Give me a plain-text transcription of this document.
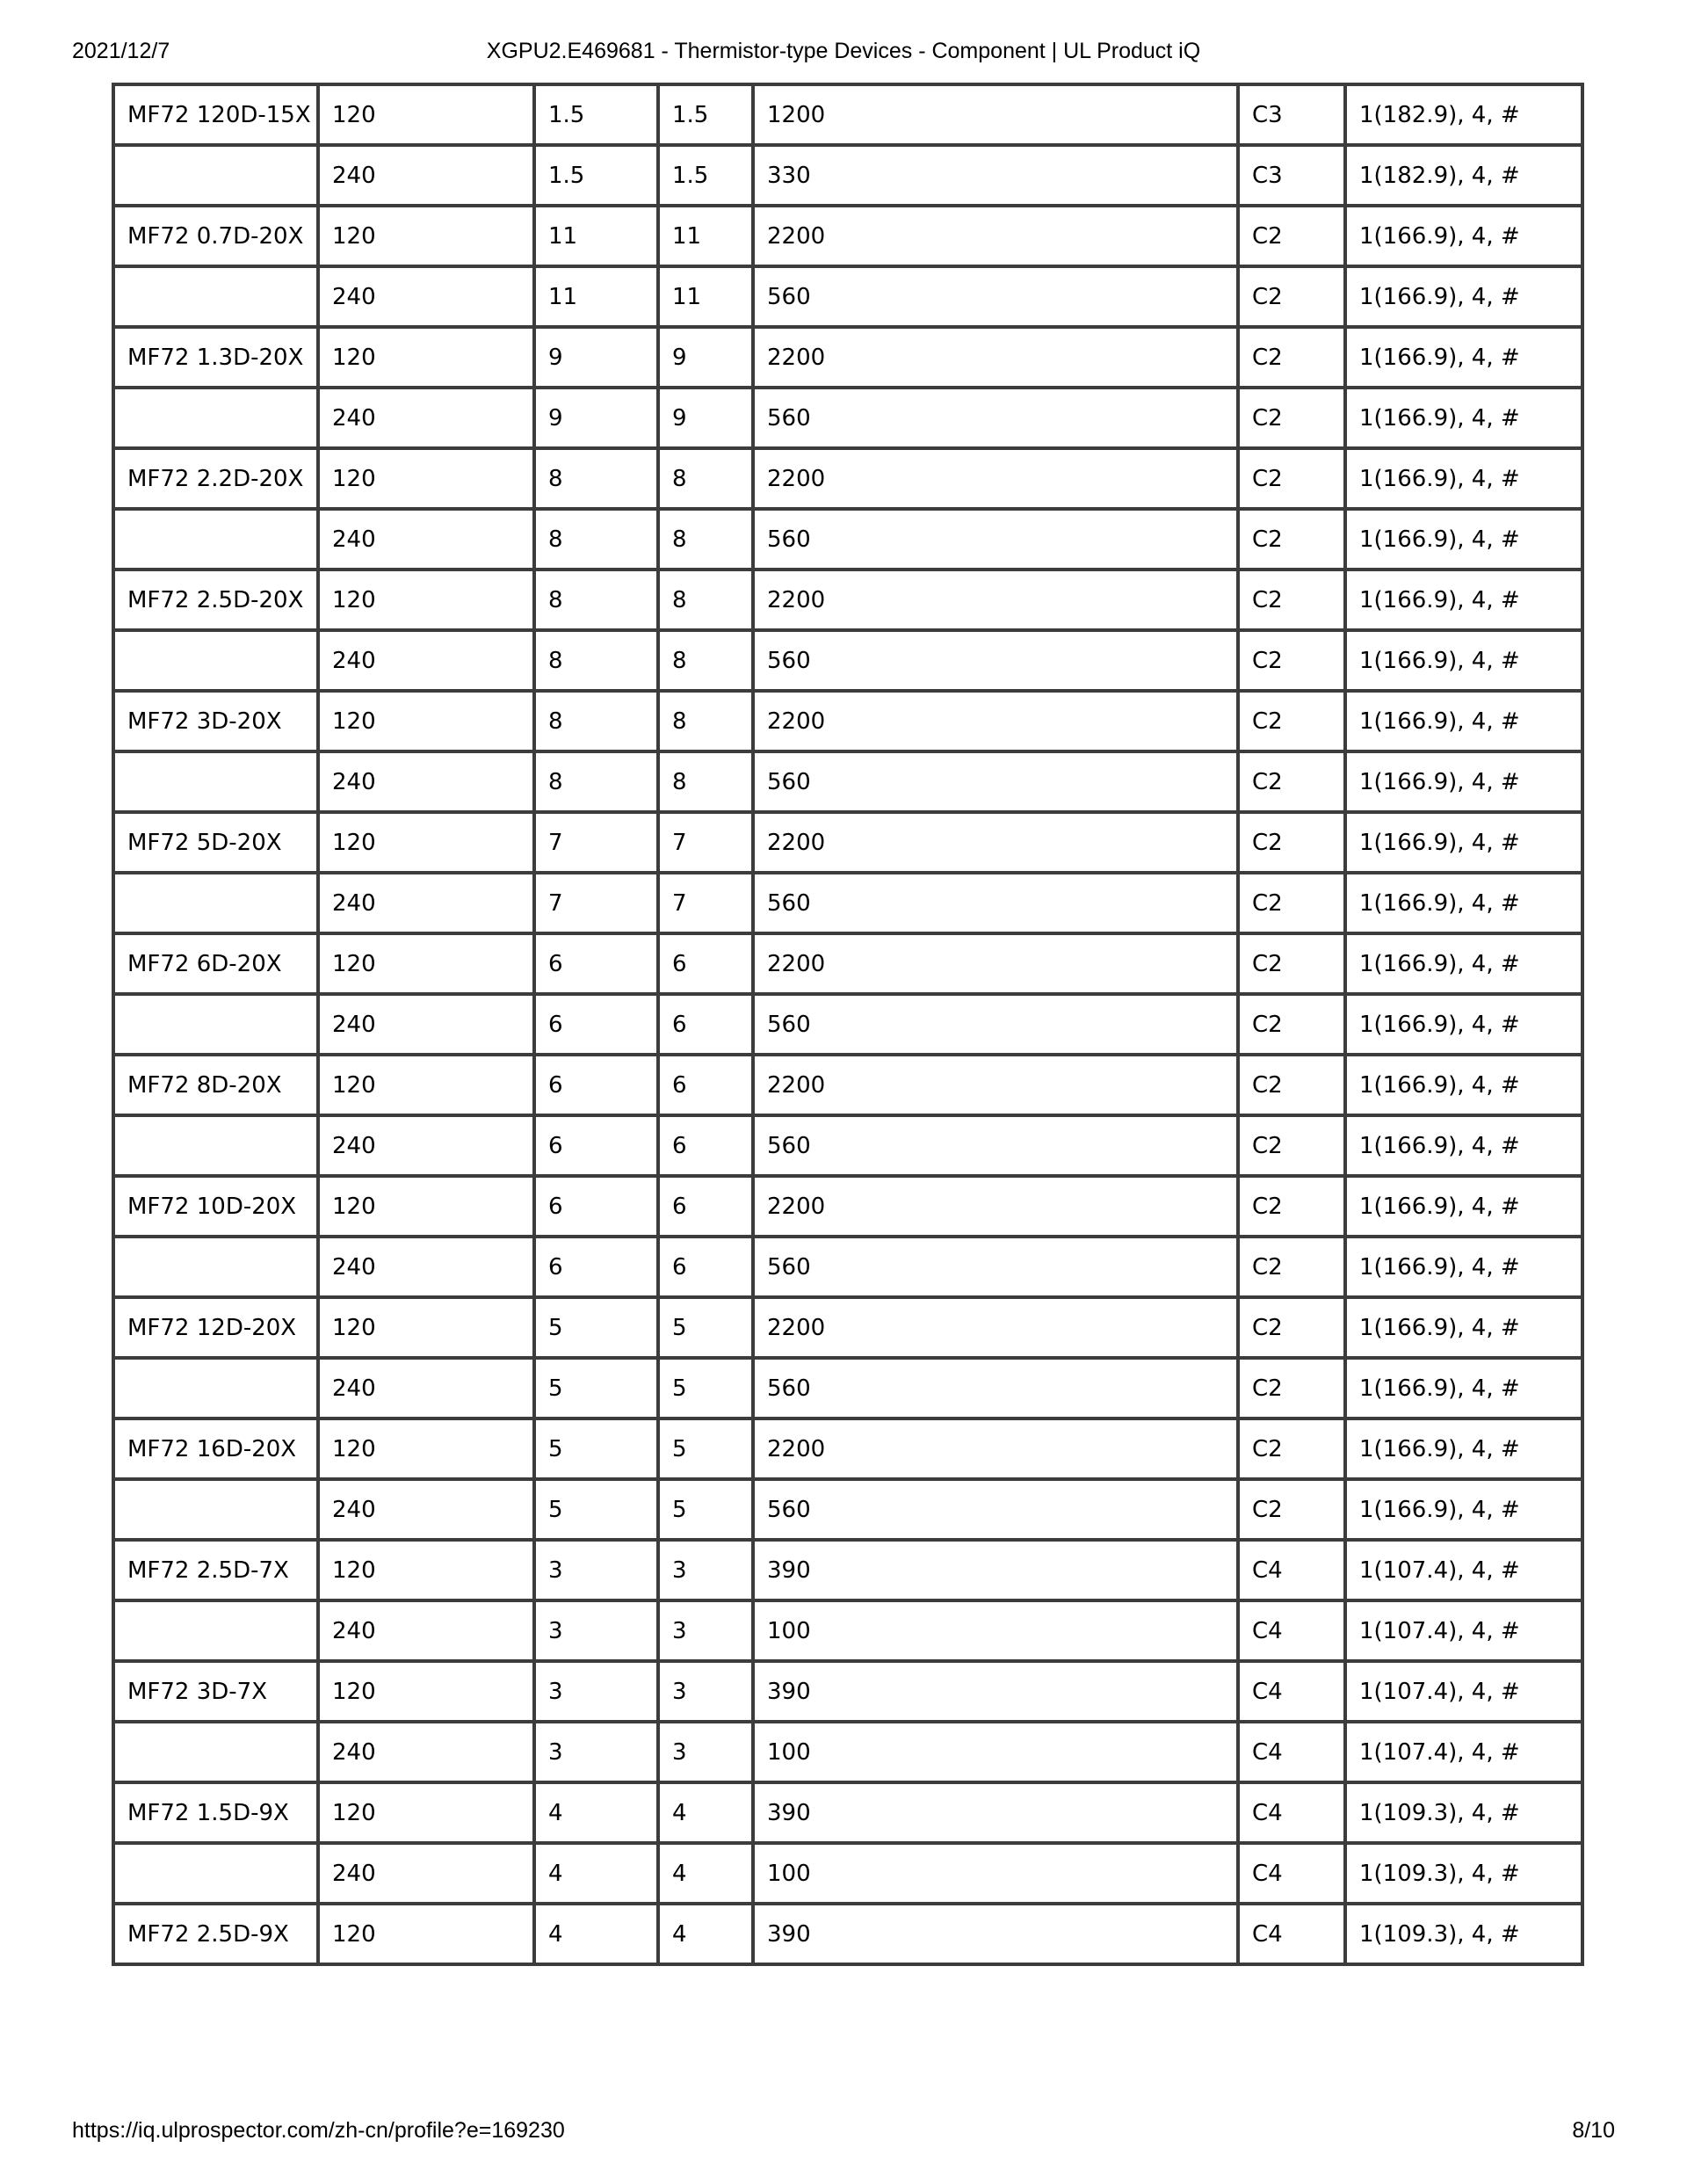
2021/12/7	XGPU2.E469681 - Thermistor-type Devices - Component | UL Product iQ
MF72 120D-15X	120	1.5	1.5	1200	C3	1(182.9), 4, #
	240	1.5	1.5	330	C3	1(182.9), 4, #
MF72 0.7D-20X	120	11	11	2200	C2	1(166.9), 4, #
	240	11	11	560	C2	1(166.9), 4, #
MF72 1.3D-20X	120	9	9	2200	C2	1(166.9), 4, #
	240	9	9	560	C2	1(166.9), 4, #
MF72 2.2D-20X	120	8	8	2200	C2	1(166.9), 4, #
	240	8	8	560	C2	1(166.9), 4, #
MF72 2.5D-20X	120	8	8	2200	C2	1(166.9), 4, #
	240	8	8	560	C2	1(166.9), 4, #
MF72 3D-20X	120	8	8	2200	C2	1(166.9), 4, #
	240	8	8	560	C2	1(166.9), 4, #
MF72 5D-20X	120	7	7	2200	C2	1(166.9), 4, #
	240	7	7	560	C2	1(166.9), 4, #
MF72 6D-20X	120	6	6	2200	C2	1(166.9), 4, #
	240	6	6	560	C2	1(166.9), 4, #
MF72 8D-20X	120	6	6	2200	C2	1(166.9), 4, #
	240	6	6	560	C2	1(166.9), 4, #
MF72 10D-20X	120	6	6	2200	C2	1(166.9), 4, #
	240	6	6	560	C2	1(166.9), 4, #
MF72 12D-20X	120	5	5	2200	C2	1(166.9), 4, #
	240	5	5	560	C2	1(166.9), 4, #
MF72 16D-20X	120	5	5	2200	C2	1(166.9), 4, #
	240	5	5	560	C2	1(166.9), 4, #
MF72 2.5D-7X	120	3	3	390	C4	1(107.4), 4, #
	240	3	3	100	C4	1(107.4), 4, #
MF72 3D-7X	120	3	3	390	C4	1(107.4), 4, #
	240	3	3	100	C4	1(107.4), 4, #
MF72 1.5D-9X	120	4	4	390	C4	1(109.3), 4, #
	240	4	4	100	C4	1(109.3), 4, #
MF72 2.5D-9X	120	4	4	390	C4	1(109.3), 4, #
https://iq.ulprospector.com/zh-cn/profile?e=169230	8/10
